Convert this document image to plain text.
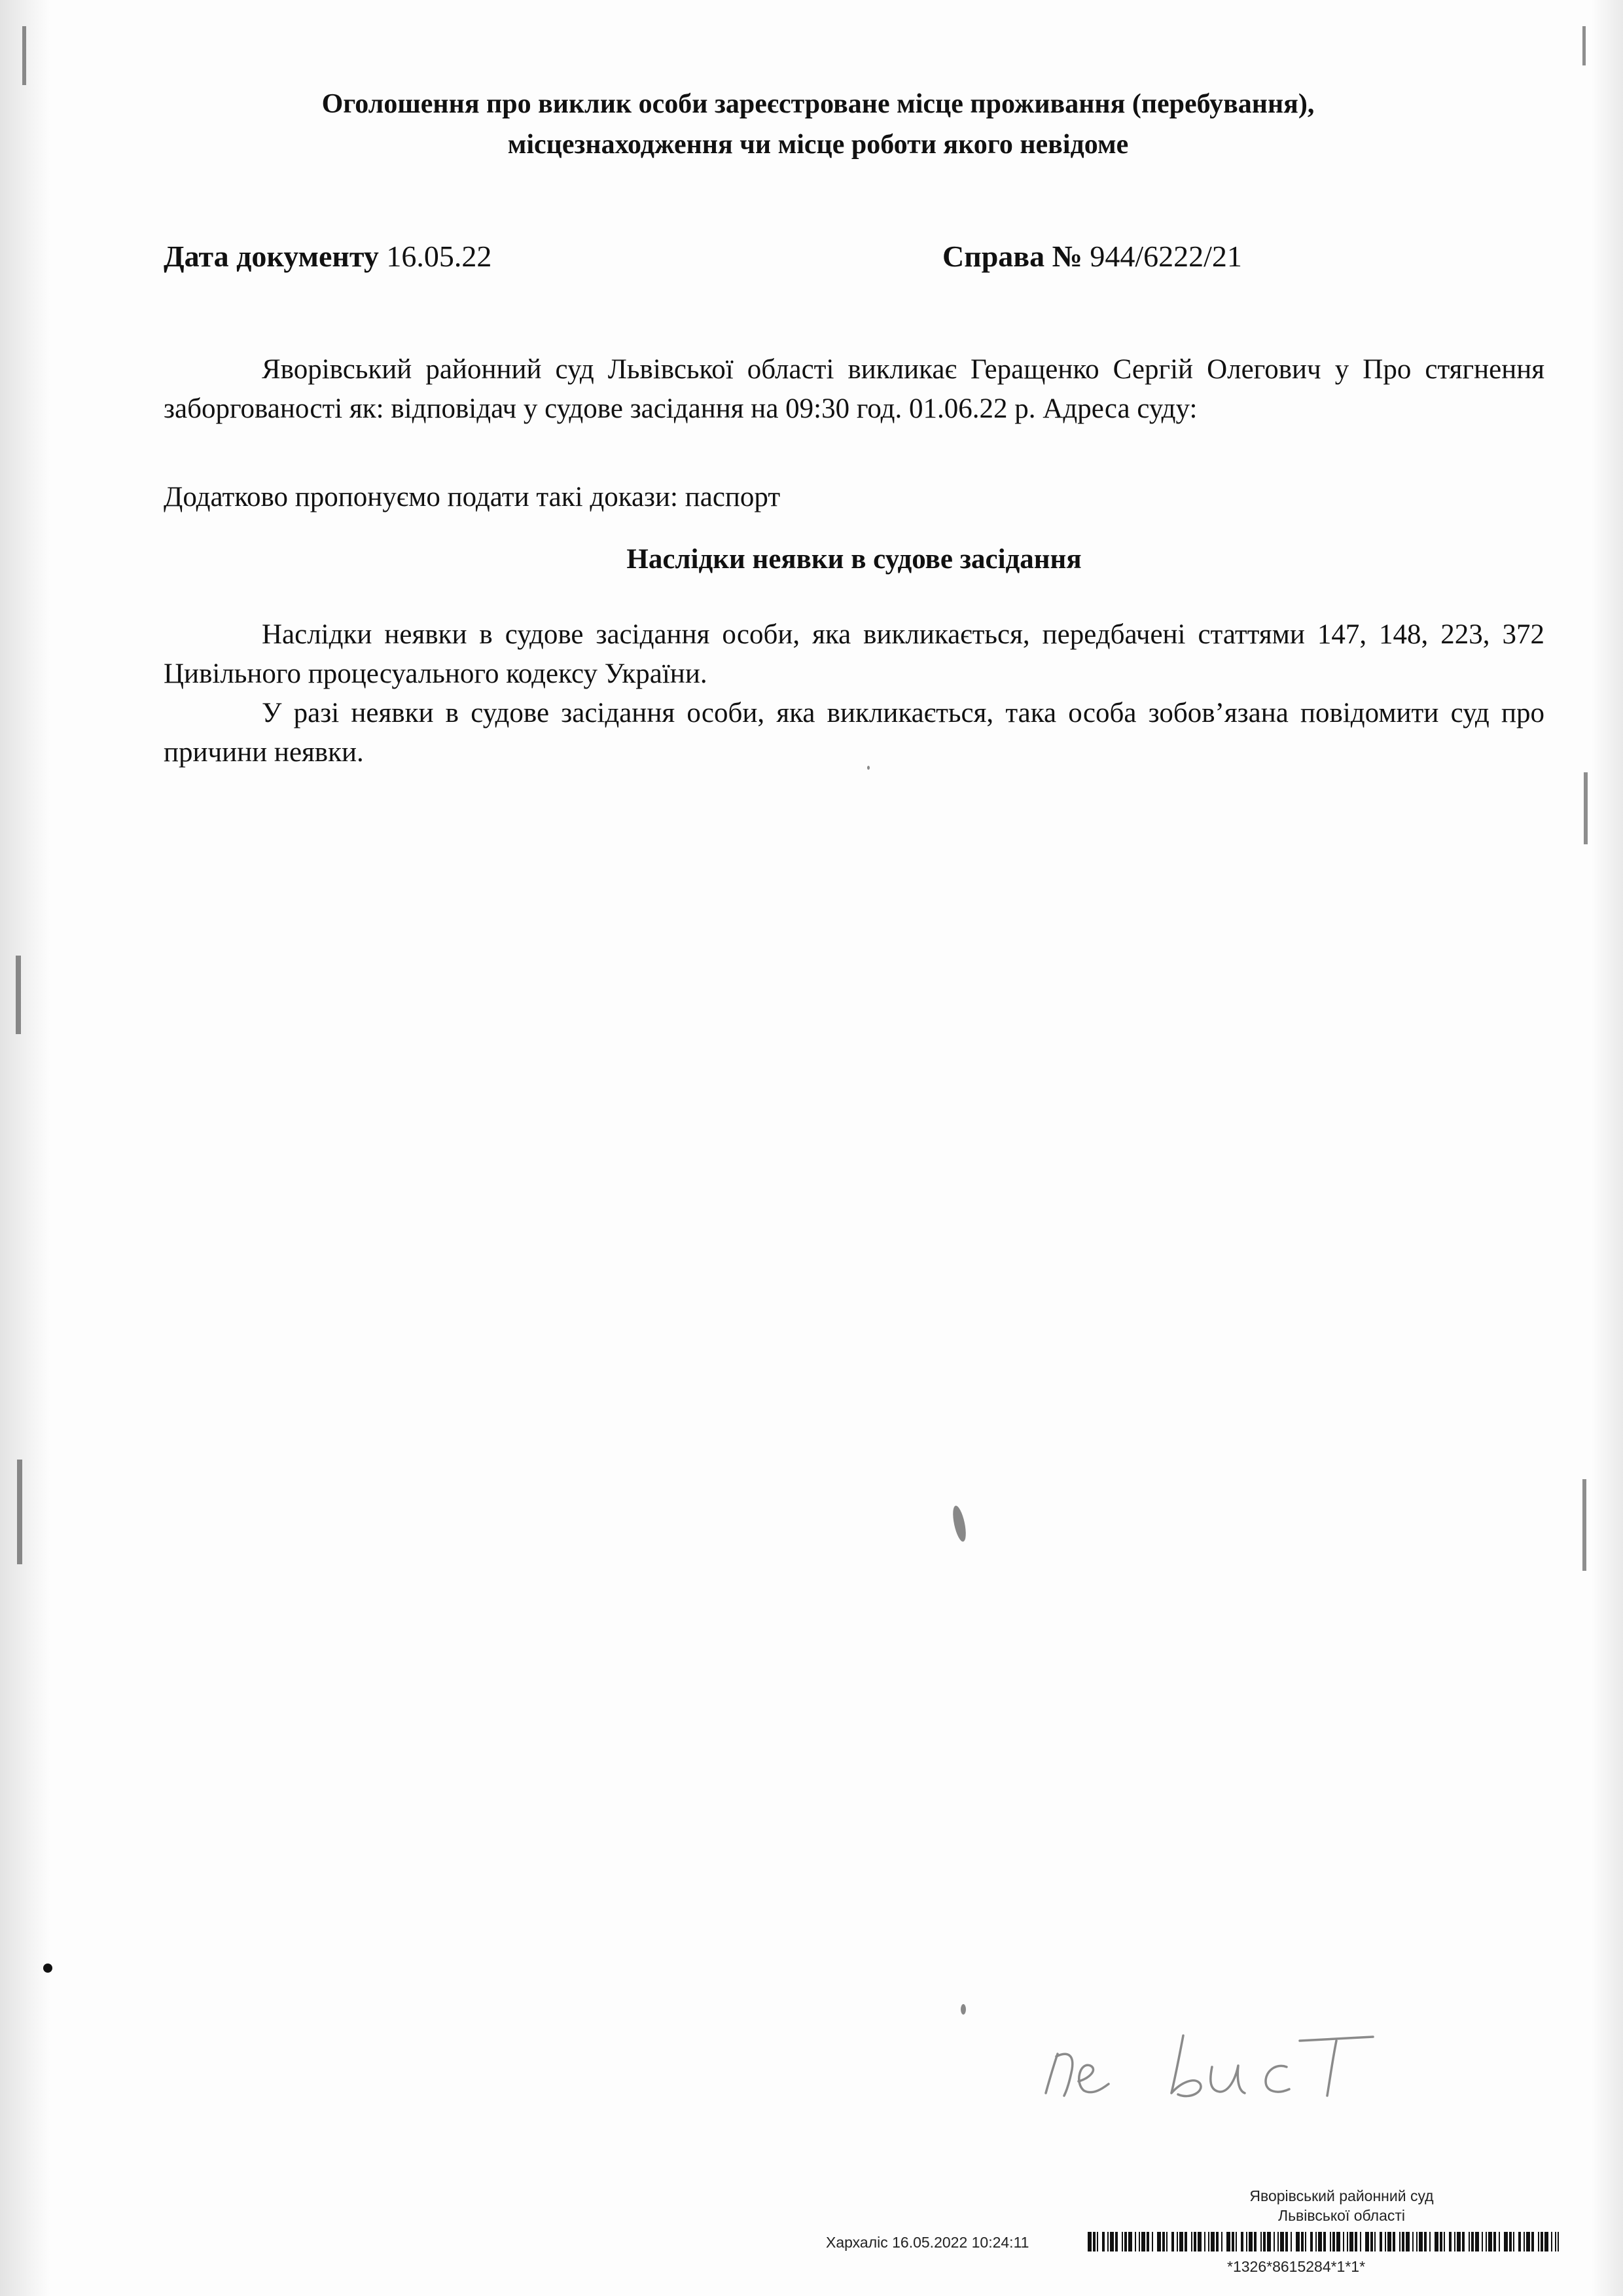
Оголошення про виклик особи зареєстроване місце проживання (перебування),
місцезнаходження чи місце роботи якого невідоме
Дата документу 16.05.22	Справа № 944/6222/21
Яворівський районний суд Львівської області викликає Геращенко Сергій Олегович у Про стягнення заборгованості як: відповідач у судове засідання на 09:30 год. 01.06.22 р. Адреса суду:
Додатково пропонуємо подати такі докази: паспорт
Наслідки неявки в судове засідання
Наслідки неявки в судове засідання особи, яка викликається, передбачені статтями 147, 148, 223, 372 Цивільного процесуального кодексу України.
У разі неявки в судове засідання особи, яка викликається, така особа зобов’язана повідомити суд про причини неявки.
Яворівський районний суд
Львівської області
Хархаліс 16.05.2022 10:24:11
*1326*8615284*1*1*
